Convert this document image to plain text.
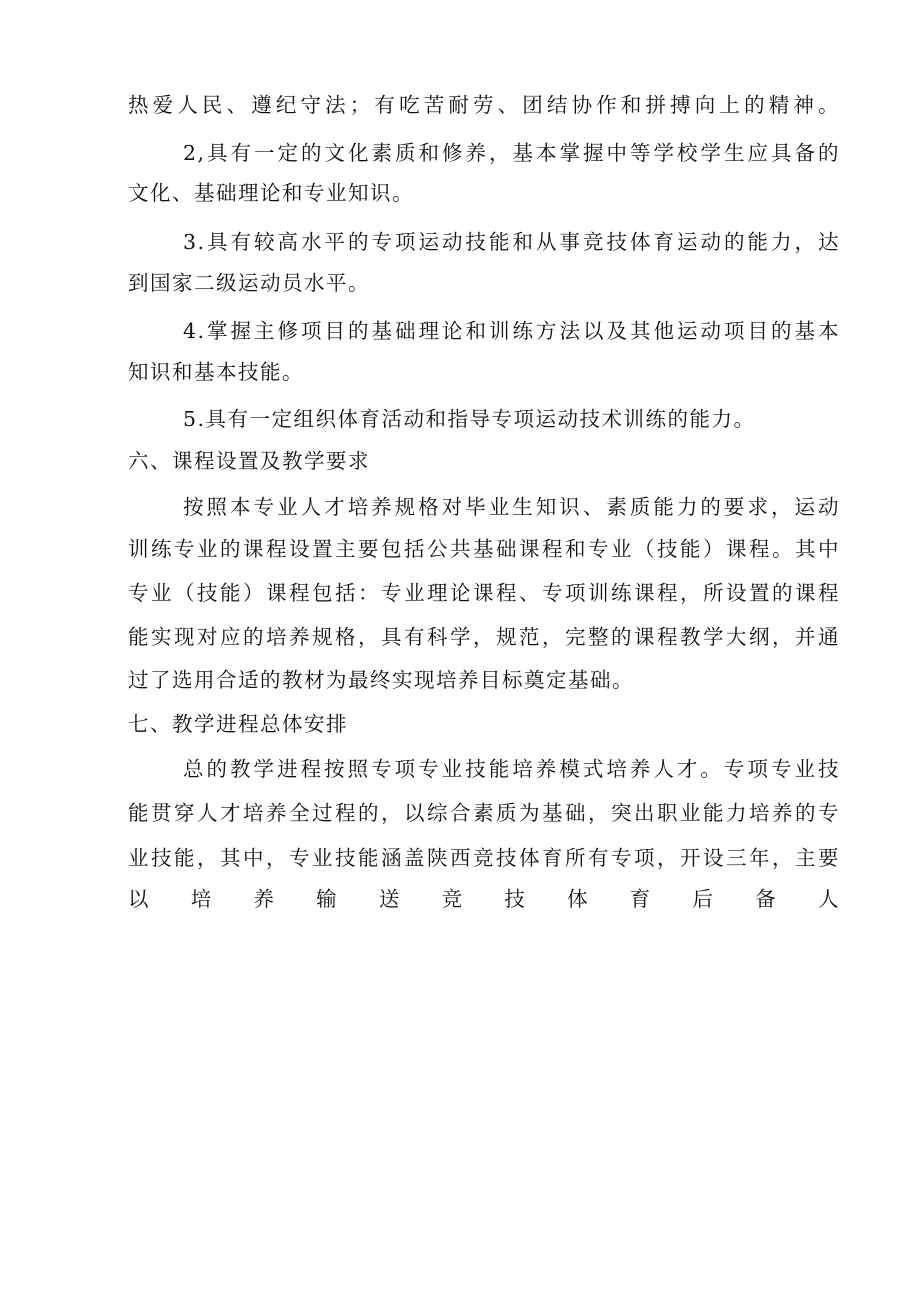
热爱人民、遵纪守法；有吃苦耐劳、团结协作和拼搏向上的精神。
2,具有一定的文化素质和修养，基本掌握中等学校学生应具备的
文化、基础理论和专业知识。
3.具有较高水平的专项运动技能和从事竞技体育运动的能力，达
到国家二级运动员水平。
4.掌握主修项目的基础理论和训练方法以及其他运动项目的基本
知识和基本技能。
5.具有一定组织体育活动和指导专项运动技术训练的能力。
六、课程设置及教学要求
按照本专业人才培养规格对毕业生知识、素质能力的要求，运动
训练专业的课程设置主要包括公共基础课程和专业（技能）课程。其中
专业（技能）课程包括：专业理论课程、专项训练课程，所设置的课程
能实现对应的培养规格，具有科学，规范，完整的课程教学大纲，并通
过了选用合适的教材为最终实现培养目标奠定基础。
七、教学进程总体安排
总的教学进程按照专项专业技能培养模式培养人才。专项专业技
能贯穿人才培养全过程的，以综合素质为基础，突出职业能力培养的专
业技能，其中，专业技能涵盖陕西竞技体育所有专项，开设三年，主要
以 培 养 输 送 竞 技 体 育 后 备 人
